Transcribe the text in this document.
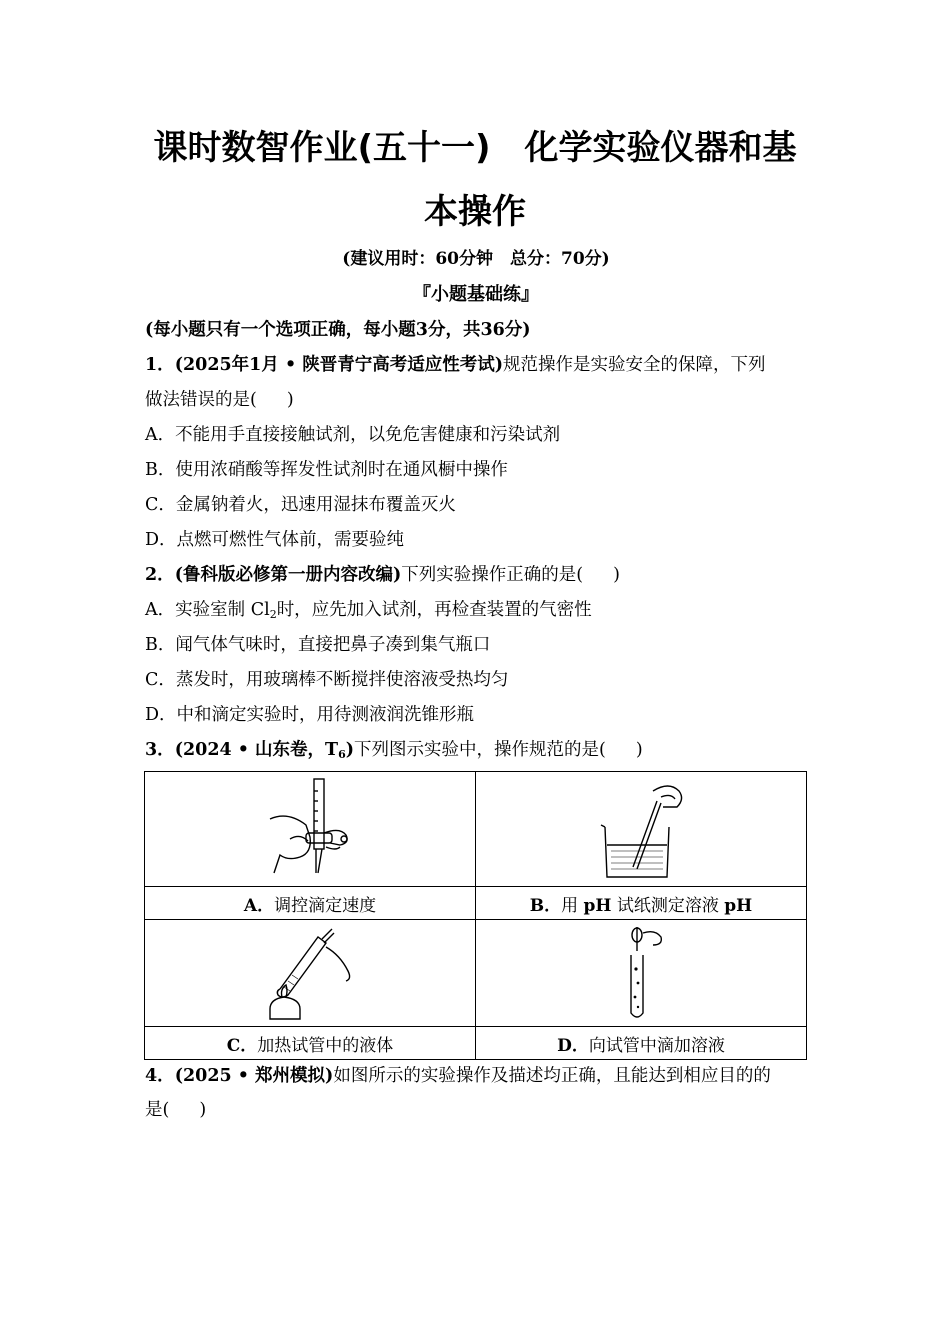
课时数智作业(五十一)　化学实验仪器和基
本操作
(建议用时：60分钟　总分：70分)
『小题基础练』
(每小题只有一个选项正确，每小题3分，共36分)
1．(2025年1月 • 陕晋青宁高考适应性考试)规范操作是实验安全的保障，下列
做法错误的是( )
A．不能用手直接接触试剂，以免危害健康和污染试剂
B．使用浓硝酸等挥发性试剂时在通风橱中操作
C．金属钠着火，迅速用湿抹布覆盖灭火
D．点燃可燃性气体前，需要验纯
2．(鲁科版必修第一册内容改编)下列实验操作正确的是( )
A．实验室制 $Cl_2$时，应先加入试剂，再检查装置的气密性
B．闻气体气味时，直接把鼻子凑到集气瓶口
C．蒸发时，用玻璃棒不断搅拌使溶液受热均匀
D．中和滴定实验时，用待测液润洗锥形瓶
3．(2024 • 山东卷，$T_6$)下列图示实验中，操作规范的是( )

A．调控滴定速度	B．用 pH 试纸测定溶液 pH

C．加热试管中的液体	D．向试管中滴加溶液
4．(2025 • 郑州模拟)如图所示的实验操作及描述均正确，且能达到相应目的的
是( )
